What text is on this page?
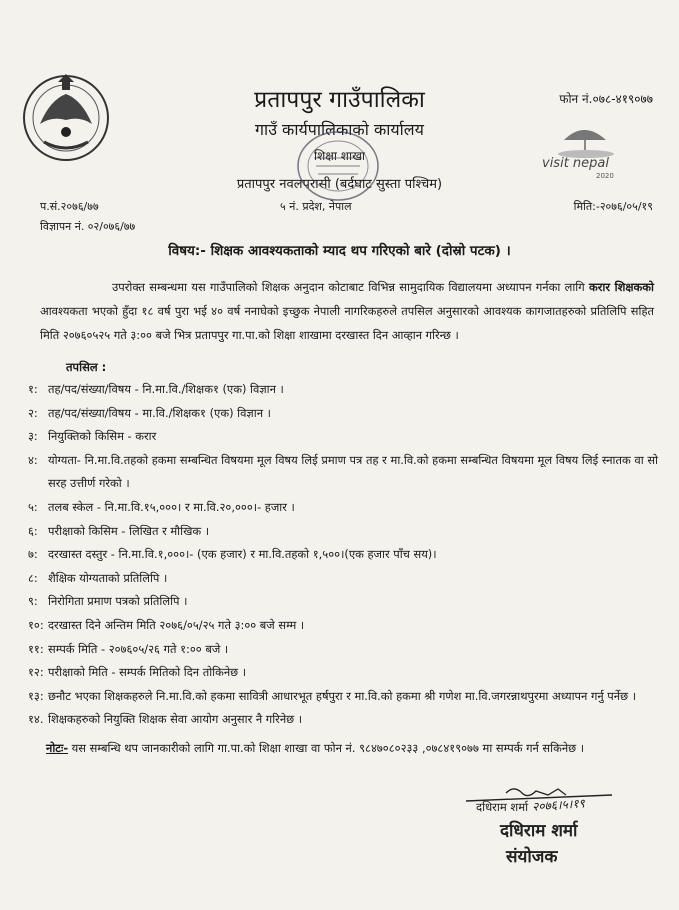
प्रतापपुर गाउँपालिका
गाउँ कार्यपालिकाको कार्यालय
शिक्षा शाखा
प्रतापपुर नवलपरासी (बर्दघाट सुस्ता पश्चिम)
फोन नं.०७८-४१९०७७
visit nepal
2020
प.सं.२०७६/७७	५ नं. प्रदेश, नेपाल	मिति:-२०७६/०५/१९
विज्ञापन नं. ०२/०७६/७७
विषय:- शिक्षक आवश्यकताको म्याद थप गरिएको बारे (दोस्रो पटक) ।

उपरोक्त सम्बन्धमा यस गाउँपालिको शिक्षक अनुदान कोटाबाट विभिन्न सामुदायिक विद्यालयमा अध्यापन गर्नका लागि करार शिक्षकको आवश्यकता भएको हुँदा १८ वर्ष पुरा भई ४० वर्ष ननाघेको इच्छुक नेपाली नागरिकहरुले तपसिल अनुसारको आवश्यक कागजातहरुको प्रतिलिपि सहित मिति २०७६०५२५ गते ३:०० बजे भित्र प्रतापपुर गा.पा.को शिक्षा शाखामा दरखास्त दिन आव्हान गरिन्छ ।

तपसिल :
१: तह/पद/संख्या/विषय - नि.मा.वि./शिक्षक१ (एक) विज्ञान ।
२: तह/पद/संख्या/विषय - मा.वि./शिक्षक१ (एक) विज्ञान ।
३: नियुक्तिको किसिम - करार
४: योग्यता- नि.मा.वि.तहको हकमा सम्बन्धित विषयमा मूल विषय लिई प्रमाण पत्र तह र मा.वि.को हकमा सम्बन्धित विषयमा मूल विषय लिई स्नातक वा सो सरह उत्तीर्ण गरेको ।
५: तलब स्केल - नि.मा.वि.१५,०००। र मा.वि.२०,०००।- हजार ।
६: परीक्षाको किसिम - लिखित र मौखिक ।
७: दरखास्त दस्तुर - नि.मा.वि.१,०००।- (एक हजार) र मा.वि.तहको १,५००।(एक हजार पाँच सय)।
८: शैक्षिक योग्यताको प्रतिलिपि ।
९: निरोगिता प्रमाण पत्रको प्रतिलिपि ।
१०: दरखास्त दिने अन्तिम मिति २०७६/०५/२५ गते ३:०० बजे सम्म ।
११: सम्पर्क मिति - २०७६०५/२६ गते १:०० बजे ।
१२: परीक्षाको मिति - सम्पर्क मितिको दिन तोकिनेछ ।
१३: छनौट भएका शिक्षकहरुले नि.मा.वि.को हकमा सावित्री आधारभूत हर्षपुरा र मा.वि.को हकमा श्री गणेश मा.वि.जगरन्नाथपुरमा अध्यापन गर्नु पर्नेछ ।
१४. शिक्षकहरुको नियुक्ति शिक्षक सेवा आयोग अनुसार नै गरिनेछ ।
नोटः- यस सम्बन्धि थप जानकारीको लागि गा.पा.को शिक्षा शाखा वा फोन नं. ९८४७०८०२३३ ,०७८४१९०७७ मा सम्पर्क गर्न सकिनेछ ।
दधिराम शर्मा २०७६।५।१९
दधिराम शर्मा
संयोजक
